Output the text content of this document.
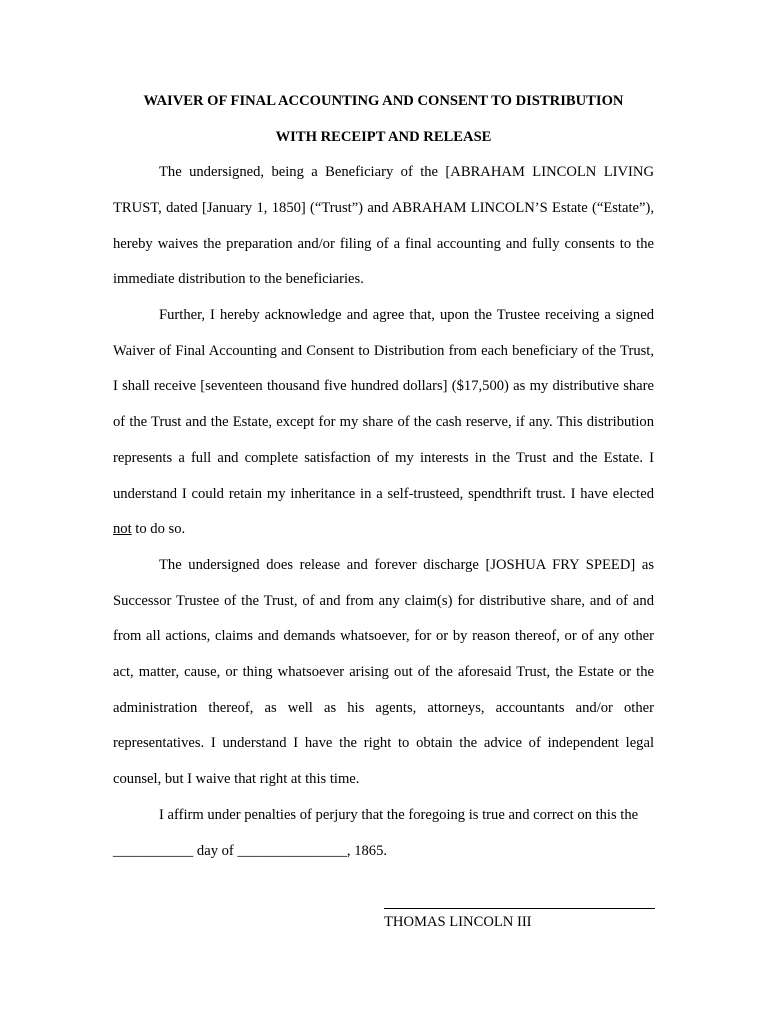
WAIVER OF FINAL ACCOUNTING AND CONSENT TO DISTRIBUTION

WITH RECEIPT AND RELEASE

The undersigned, being a Beneficiary of the [ABRAHAM LINCOLN LIVING TRUST, dated [January 1, 1850] (“Trust”) and ABRAHAM LINCOLN’S Estate (“Estate”), hereby waives the preparation and/or filing of a final accounting and fully consents to the immediate distribution to the beneficiaries.

Further, I hereby acknowledge and agree that, upon the Trustee receiving a signed Waiver of Final Accounting and Consent to Distribution from each beneficiary of the Trust, I shall receive [seventeen thousand five hundred dollars] ($17,500) as my distributive share of the Trust and the Estate, except for my share of the cash reserve, if any. This distribution represents a full and complete satisfaction of my interests in the Trust and the Estate. I understand I could retain my inheritance in a self-trusteed, spendthrift trust. I have elected not to do so.

The undersigned does release and forever discharge [JOSHUA FRY SPEED] as Successor Trustee of the Trust, of and from any claim(s) for distributive share, and of and from all actions, claims and demands whatsoever, for or by reason thereof, or of any other act, matter, cause, or thing whatsoever arising out of the aforesaid Trust, the Estate or the administration thereof, as well as his agents, attorneys, accountants and/or other representatives. I understand I have the right to obtain the advice of independent legal counsel, but I waive that right at this time.

I affirm under penalties of perjury that the foregoing is true and correct on this the
___________ day of _______________, 1865.

THOMAS LINCOLN III
